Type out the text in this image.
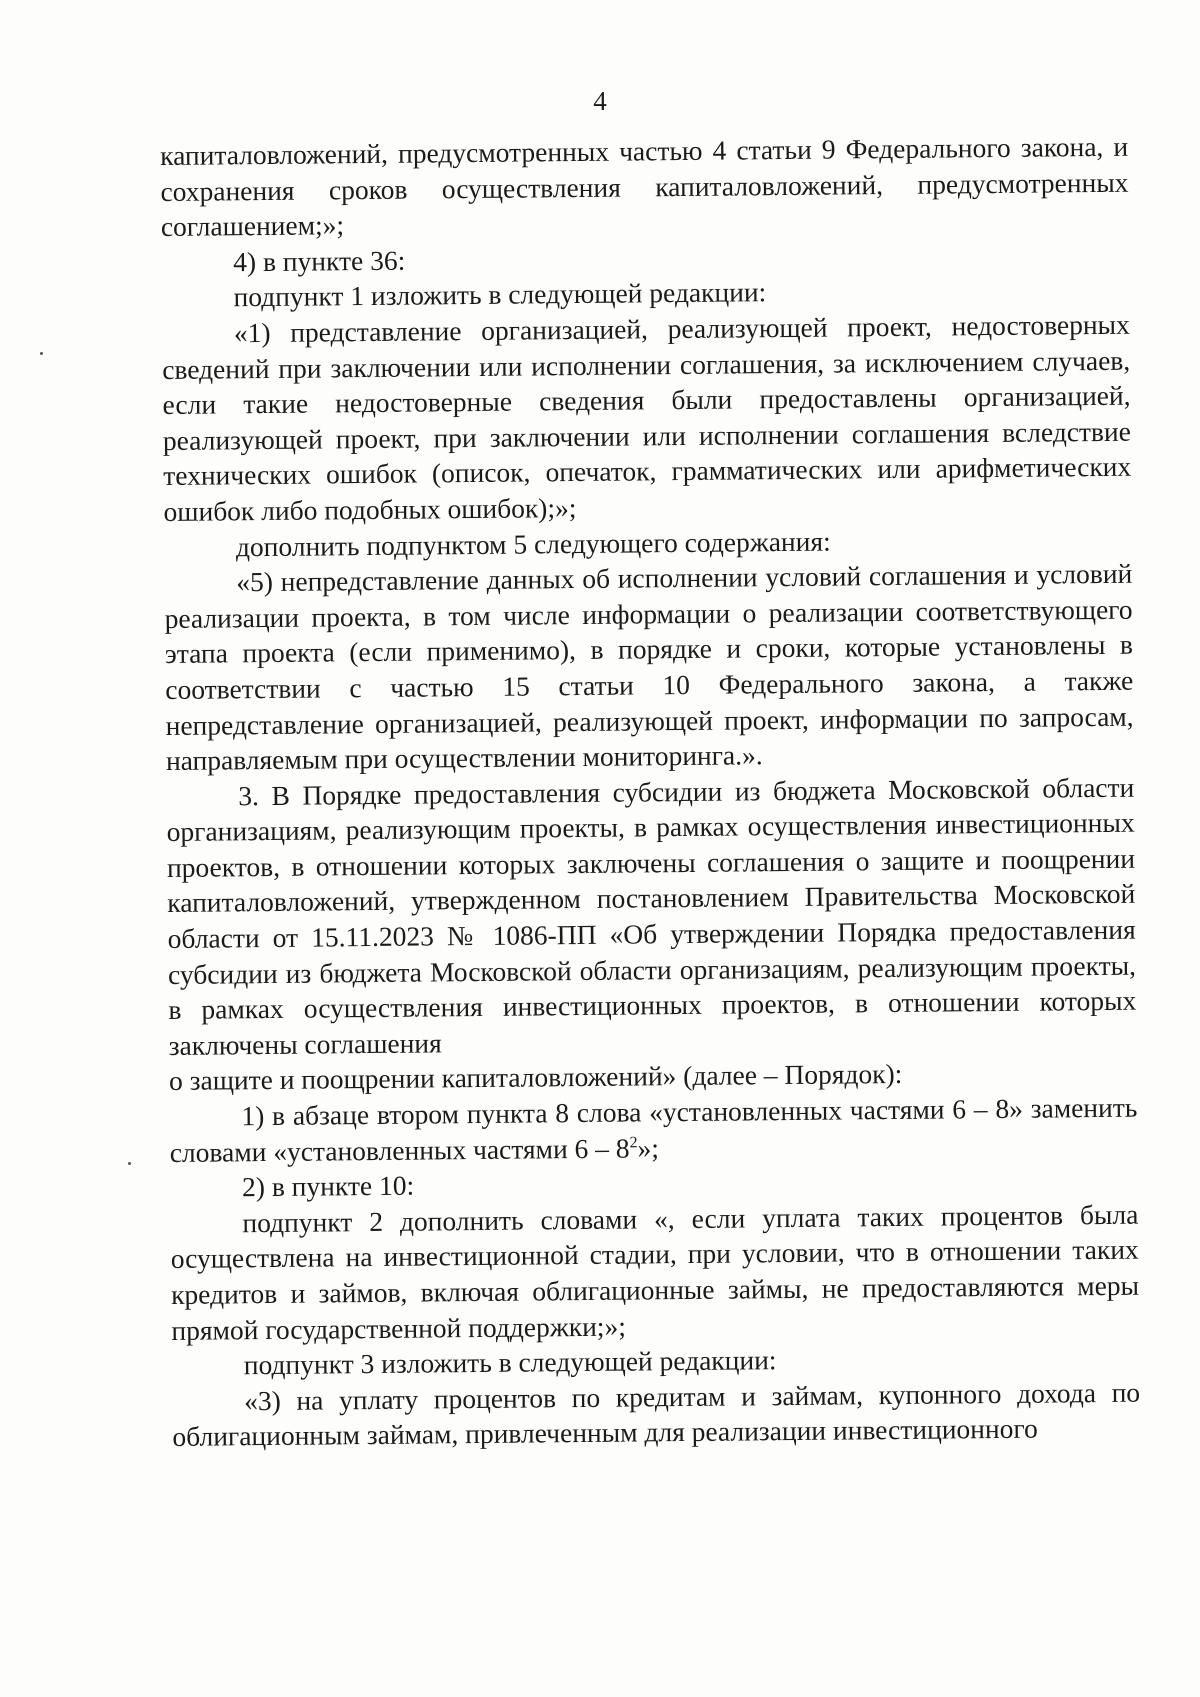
4

капиталовложений, предусмотренных частью 4 статьи 9 Федерального закона, и сохранения сроков осуществления капиталовложений, предусмотренных соглашением;»;

4) в пункте 36:

подпункт 1 изложить в следующей редакции:

«1) представление организацией, реализующей проект, недостоверных сведений при заключении или исполнении соглашения, за исключением случаев, если такие недостоверные сведения были предоставлены организацией, реализующей проект, при заключении или исполнении соглашения вследствие технических ошибок (описок, опечаток, грамматических или арифметических ошибок либо подобных ошибок);»;

дополнить подпунктом 5 следующего содержания:

«5) непредставление данных об исполнении условий соглашения и условий реализации проекта, в том числе информации о реализации соответствующего этапа проекта (если применимо), в порядке и сроки, которые установлены в соответствии с частью 15 статьи 10 Федерального закона, а также непредставление организацией, реализующей проект, информации по запросам, направляемым при осуществлении мониторинга.».

3. В Порядке предоставления субсидии из бюджета Московской области организациям, реализующим проекты, в рамках осуществления инвестиционных проектов, в отношении которых заключены соглашения о защите и поощрении капиталовложений, утвержденном постановлением Правительства Московской области от 15.11.2023 № 1086-ПП «Об утверждении Порядка предоставления субсидии из бюджета Московской области организациям, реализующим проекты, в рамках осуществления инвестиционных проектов, в отношении которых заключены соглашения

о защите и поощрении капиталовложений» (далее – Порядок):

1) в абзаце втором пункта 8 слова «установленных частями 6 – 8» заменить словами «установленных частями $6 - 8^2$»;

2) в пункте 10:

подпункт 2 дополнить словами «, если уплата таких процентов была осуществлена на инвестиционной стадии, при условии, что в отношении таких кредитов и займов, включая облигационные займы, не предоставляются меры прямой государственной поддержки;»;

подпункт 3 изложить в следующей редакции:

«3) на уплату процентов по кредитам и займам, купонного дохода по облигационным займам, привлеченным для реализации инвестиционного
